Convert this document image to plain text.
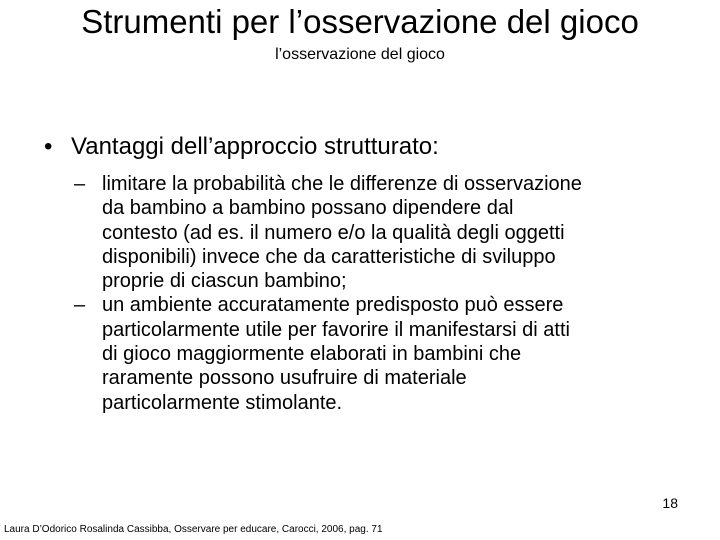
Strumenti per l’osservazione del gioco
l’osservazione del gioco
• Vantaggi dell’approccio strutturato:
– limitare la probabilità che le differenze di osservazione
da bambino a bambino possano dipendere dal
contesto (ad es. il numero e/o la qualità degli oggetti
disponibili) invece che da caratteristiche di sviluppo
proprie di ciascun bambino;
– un ambiente accuratamente predisposto può essere
particolarmente utile per favorire il manifestarsi di atti
di gioco maggiormente elaborati in bambini che
raramente possono usufruire di materiale
particolarmente stimolante.
18
Laura D’Odorico Rosalinda Cassibba, Osservare per educare, Carocci, 2006, pag. 71
